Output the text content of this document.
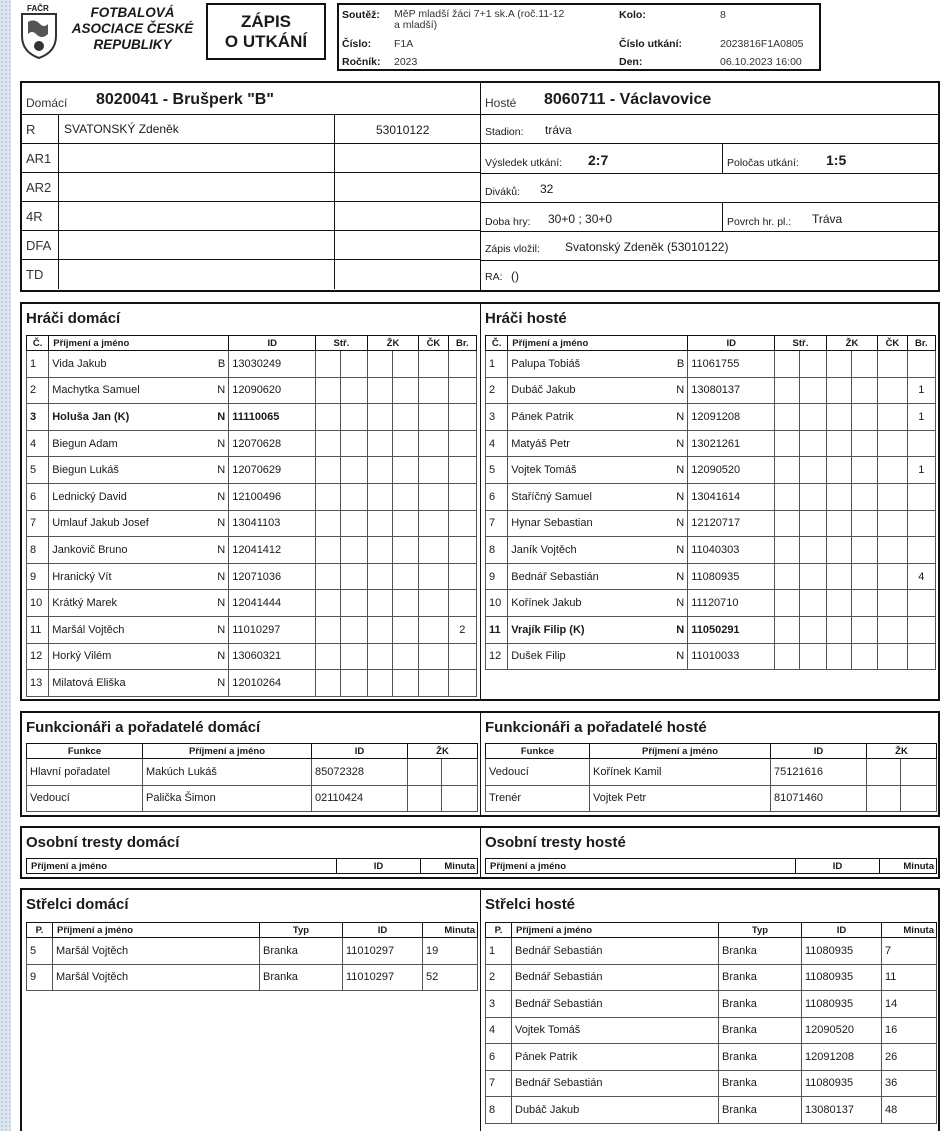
FAČR	FOTBALOVÁ
ASOCIACE ČESKÉ
REPUBLIKY
ZÁPIS
O UTKÁNÍ
Soutěž: MěP mladší žáci 7+1 sk.A (roč.11-12
a mladší)
Kolo:	8
Číslo: F1A	Číslo utkání:	2023816F1A0805
Ročník: 2023	Den:	06.10.2023 16:00
Domácí 8020041 - Brušperk "B"
R SVATONSKÝ Zdeněk	53010122
AR1
AR2
4R
DFA
TD
Hosté 8060711 - Václavovice
Stadion: tráva
Výsledek utkání: 2:7	Poločas utkání: 1:5
Diváků: 32
Doba hry: 30+0 ; 30+0	Povrch hr. pl.: Tráva
Zápis vložil: Svatonský Zdeněk (53010122)
RA: ()
Hráči domácí
Č.	Příjmení a jméno	ID	Stř.		ŽK		ČK	Br.
1	Vida Jakub B	13030249						
2	Machytka Samuel N	12090620						
3	Holuša Jan (K) N	11110065						
4	Biegun Adam N	12070628						
5	Biegun Lukáš N	12070629						
6	Lednický David N	12100496						
7	Umlauf Jakub Josef N	13041103						
8	Jankovič Bruno N	12041412						
9	Hranický Vít N	12071036						
10	Krátký Marek N	12041444						
11	Maršál Vojtěch N	11010297						2
12	Horký Vilém N	13060321						
13	Milatová Eliška N	12010264						
Hráči hosté
Č.	Příjmení a jméno	ID	Stř.		ŽK		ČK	Br.
1	Palupa Tobiáš B	11061755						
2	Dubáč Jakub N	13080137						1
3	Pánek Patrik N	12091208						1
4	Matyáš Petr N	13021261						
5	Vojtek Tomáš N	12090520						1
6	Staříčný Samuel N	13041614						
7	Hynar Sebastian N	12120717						
8	Janík Vojtěch N	11040303						
9	Bednář Sebastián N	11080935						4
10	Kořínek Jakub N	11120710						
11	Vrajík Filip (K) N	11050291						
12	Dušek Filip N	11010033						
Funkcionáři a pořadatelé domácí
Funkce	Příjmení a jméno	ID	ŽK	
Hlavní pořadatel	Makúch Lukáš	85072328		
Vedoucí	Palička Šimon	02110424		
Funkcionáři a pořadatelé hosté
Funkce	Příjmení a jméno	ID	ŽK	
Vedoucí	Kořínek Kamil	75121616		
Trenér	Vojtek Petr	81071460		
Osobní tresty domácí
Příjmení a jméno	ID	Minuta
Osobní tresty hosté
Příjmení a jméno	ID	Minuta
Střelci domácí
P.	Příjmení a jméno	Typ	ID	Minuta
5	Maršál Vojtěch	Branka	11010297	19
9	Maršál Vojtěch	Branka	11010297	52
Střelci hosté
P.	Příjmení a jméno	Typ	ID	Minuta
1	Bednář Sebastián	Branka	11080935	7
2	Bednář Sebastián	Branka	11080935	11
3	Bednář Sebastián	Branka	11080935	14
4	Vojtek Tomáš	Branka	12090520	16
6	Pánek Patrik	Branka	12091208	26
7	Bednář Sebastián	Branka	11080935	36
8	Dubáč Jakub	Branka	13080137	48
